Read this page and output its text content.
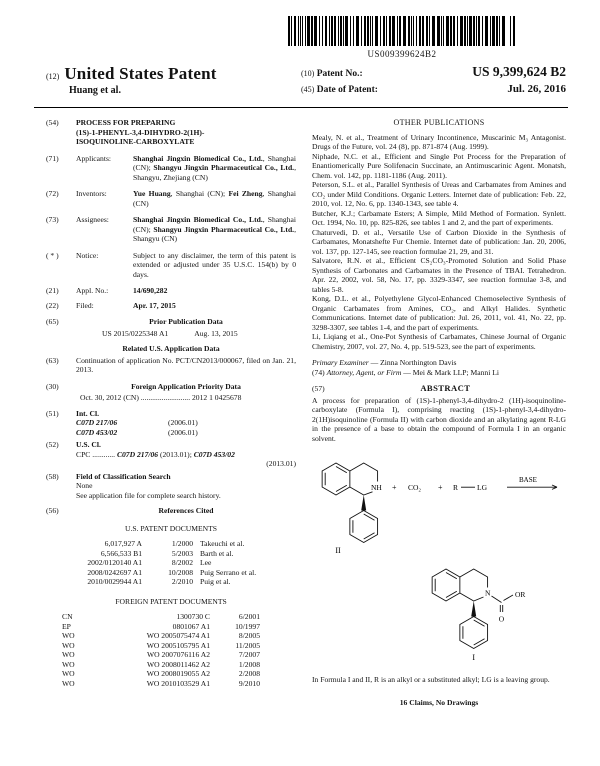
US009399624B2
(12) United States Patent
Huang et al.
(10) Patent No.:	US 9,399,624 B2
(45) Date of Patent:	Jul. 26, 2016
(54)	PROCESS FOR PREPARING
(1S)-1-PHENYL-3,4-DIHYDRO-2(1H)-
ISOQUINOLINE-CARBOXYLATE
(71)	Applicants:	Shanghai Jingxin Biomedical Co., Ltd., Shanghai (CN); Shangyu Jingxin Pharmaceutical Co., Ltd., Shangyu, Zhejiang (CN)
(72)	Inventors:	Yue Huang, Shanghai (CN); Fei Zheng, Shanghai (CN)
(73)	Assignees:	Shanghai Jingxin Biomedical Co., Ltd., Shanghai (CN); Shangyu Jingxin Pharmaceutical Co., Ltd., Shangyu (CN)
( * )	Notice:	Subject to any disclaimer, the term of this patent is extended or adjusted under 35 U.S.C. 154(b) by 0 days.
(21)	Appl. No.:	14/690,282
(22)	Filed:	Apr. 17, 2015
(65)	Prior Publication Data
US 2015/0225348 A1	Aug. 13, 2015
Related U.S. Application Data
(63)	Continuation of application No. PCT/CN2013/000067, filed on Jan. 21, 2013.
(30)	Foreign Application Priority Data
Oct. 30, 2012 (CN) .......................... 2012 1 0425678
(51)	Int. Cl.
C07D 217/06	(2006.01)
C07D 453/02	(2006.01)
(52)	U.S. Cl.
CPC ............ C07D 217/06 (2013.01); C07D 453/02
(2013.01)
(58)	Field of Classification Search
None
See application file for complete search history.
(56)	References Cited
U.S. PATENT DOCUMENTS
6,017,927 A	1/2000 Takeuchi et al.
6,566,533 B1	5/2003 Barth et al.
2002/0120140 A1	8/2002 Lee
2008/0242697 A1	10/2008 Puig Serrano et al.
2010/0029944 A1	2/2010 Puig et al.
FOREIGN PATENT DOCUMENTS
CN	1300730 C	6/2001
EP	0801067 A1	10/1997
WO	WO 2005075474 A1	8/2005
WO	WO 2005105795 A1	11/2005
WO	WO 2007076116 A2	7/2007
WO	WO 2008011462 A2	1/2008
WO	WO 2008019055 A2	2/2008
WO	WO 2010103529 A1	9/2010
OTHER PUBLICATIONS

Mealy, N. et al., Treatment of Urinary Incontinence, Muscarinic M₃ Antagonist. Drugs of the Future, vol. 24 (8), pp. 871-874 (Aug. 1999).

Niphade, N.C. et al., Efficient and Single Pot Process for the Preparation of Enantiomerically Pure Solifenacin Succinate, an Antimuscarinic Agent. Monatsh, Chem. vol. 142, pp. 1181-1186 (Aug. 2011).

Peterson, S.L. et al., Parallel Synthesis of Ureas and Carbamates from Amines and CO₂ under Mild Conditions. Organic Letters. Internet date of publication: Feb. 22, 2010, vol. 12, No. 6, pp. 1340-1343, see table 4.

Butcher, K.J.; Carbamate Esters; A Simple, Mild Method of Formation. Synlett. Oct. 1994, No. 10, pp. 825-826, see tables 1 and 2, and the part of experiments.

Chaturvedi, D. et al., Versatile Use of Carbon Dioxide in the Synthesis of Carbamates, Monatshefte Fur Chemie. Internet date of publication: Jan. 20, 2006, vol. 137, pp. 127-145, see reaction formulae 21, 29, and 31.

Salvatore, R.N. et al., Efficient CS₂CO₃-Promoted Solution and Solid Phase Synthesis of Carbonates and Carbamates in the Presence of TBAI. Tetrahedron. Apr. 22, 2002, vol. 58, No. 17, pp. 3329-3347, see reaction formulae 3-8, and tables 5-8.

Kong, D.L. et al., Polyethylene Glycol-Enhanced Chemoselective Synthesis of Organic Carbamates from Amines, CO₂, and Alkyl Halides. Synthetic Communications. Internet date of publication: Jul. 26, 2011, vol. 41, No. 22, pp. 3298-3307, see tables 1-4, and the part of experiments.

Li, Liqiang et al., One-Pot Synthesis of Carbamates, Chinese Journal of Organic Chemistry, 2007, vol. 27, No. 4, pp. 519-523, see the part of experiments.

Primary Examiner — Zinna Northington Davis
(74) Attorney, Agent, or Firm — Mei & Mark LLP; Manni Li
(57)	ABSTRACT

A process for preparation of (1S)-1-phenyl-3,4-dihydro-2 (1H)-isoquinoline-carboxylate (Formula I), comprising reacting (1S)-1-phenyl-3,4-dihydro-2(1H)isoquinoline (Formula II) with carbon dioxide and an alkylating agent R-LG in the presence of a base to obtain the compound of Formula I in an organic solvent.

NH + CO₂ + R	LG
BASE
II
N	OR
O
I

In Formula I and II, R is an alkyl or a substituted alkyl; LG is a leaving group.

16 Claims, No Drawings
